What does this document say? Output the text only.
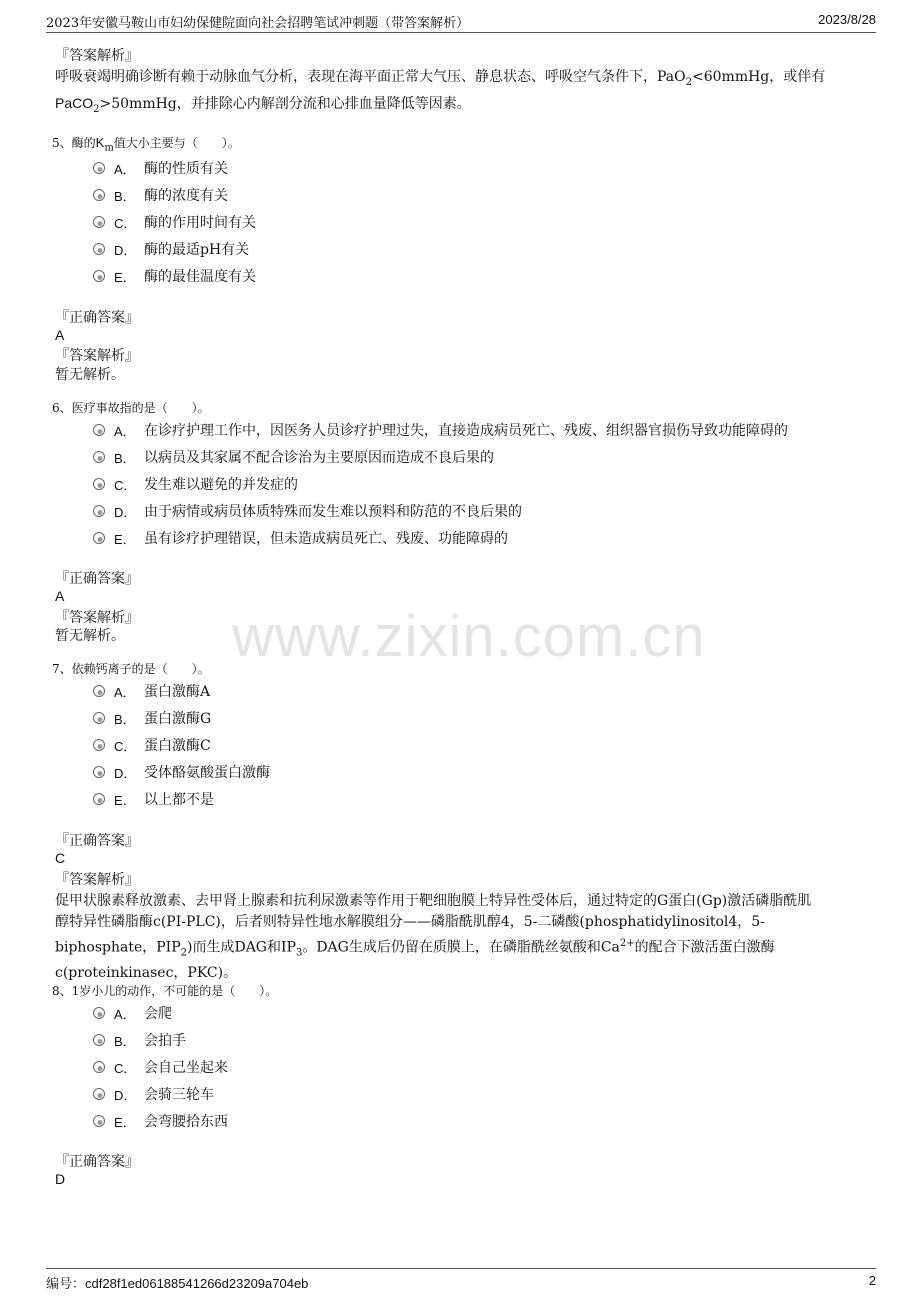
2023年安徽马鞍山市妇幼保健院面向社会招聘笔试冲刺题（带答案解析）	2023/8/28
『答案解析』
呼吸衰竭明确诊断有赖于动脉血气分析，表现在海平面正常大气压、静息状态、呼吸空气条件下，PaO$_2$<60mmHg，或伴有
PaCO$_2$>50mmHg，并排除心内解剖分流和心排血量降低等因素。
5、酶的$K_m$值大小主要与（　　）。
A． 酶的性质有关
B． 酶的浓度有关
C． 酶的作用时间有关
D． 酶的最适pH有关
E． 酶的最佳温度有关
『正确答案』
A
『答案解析』
暂无解析。
6、医疗事故指的是（　　）。
A． 在诊疗护理工作中，因医务人员诊疗护理过失，直接造成病员死亡、残废、组织器官损伤导致功能障碍的
B． 以病员及其家属不配合诊治为主要原因而造成不良后果的
C． 发生难以避免的并发症的
D． 由于病情或病员体质特殊而发生难以预料和防范的不良后果的
E． 虽有诊疗护理错误，但未造成病员死亡、残废、功能障碍的
『正确答案』
A
『答案解析』
暂无解析。	www.zixin.com.cn
7、依赖钙离子的是（　　）。
A． 蛋白激酶A
B． 蛋白激酶G
C． 蛋白激酶C
D． 受体酪氨酸蛋白激酶
E． 以上都不是
『正确答案』
C
『答案解析』
促甲状腺素释放激素、去甲肾上腺素和抗利尿激素等作用于靶细胞膜上特异性受体后，通过特定的G蛋白(Gp)激活磷脂酰肌
醇特异性磷脂酶c(PI-PLC)，后者则特异性地水解膜组分——磷脂酰肌醇4，5-二磷酸(phosphatidylinositol4，5-
biphosphate，$PIP_2$)而生成DAG和$IP_3$。DAG生成后仍留在质膜上，在磷脂酰丝氨酸和$Ca^{2+}$的配合下激活蛋白激酶
c(proteinkinasec，PKC)。
8、1岁小儿的动作，不可能的是（　　）。
A． 会爬
B． 会拍手
C． 会自己坐起来
D． 会骑三轮车
E． 会弯腰拾东西
『正确答案』
D
编号：cdf28f1ed06188541266d23209a704eb	2
